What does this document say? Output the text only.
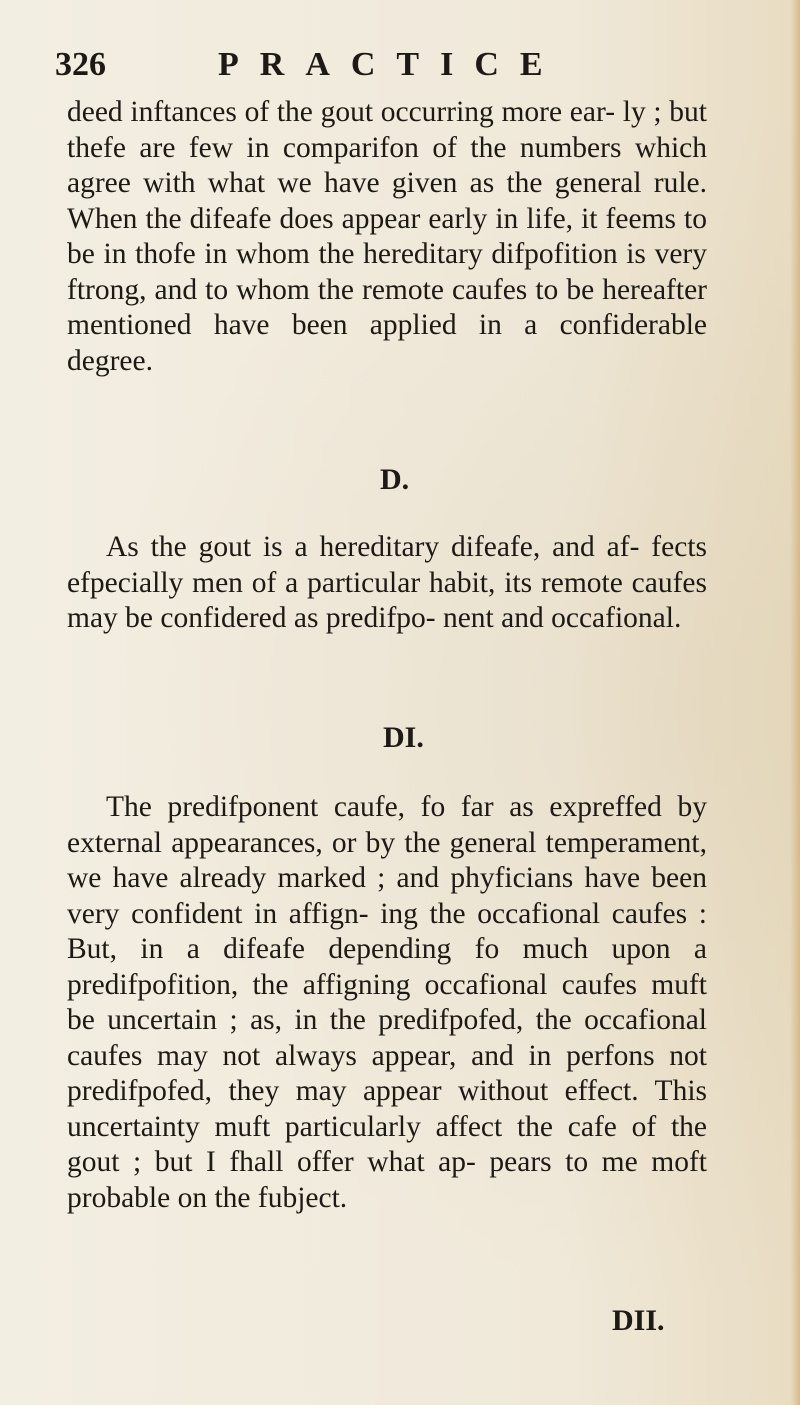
326	PRACTICE

deed inftances of the gout occurring more ear- ly ; but thefe are few in comparifon of the numbers which agree with what we have given as the general rule. When the difeafe does appear early in life, it feems to be in thofe in whom the hereditary difpofition is very ftrong, and to whom the remote caufes to be hereafter mentioned have been applied in a confiderable degree.

D.

As the gout is a hereditary difeafe, and af- fects efpecially men of a particular habit, its remote caufes may be confidered as predifpo- nent and occafional.

DI.

The predifponent caufe, fo far as expreffed by external appearances, or by the general temperament, we have already marked ; and phyficians have been very confident in affign- ing the occafional caufes : But, in a difeafe depending fo much upon a predifpofition, the affigning occafional caufes muft be uncertain ; as, in the predifpofed, the occafional caufes may not always appear, and in perfons not predifpofed, they may appear without effect. This uncertainty muft particularly affect the cafe of the gout ; but I fhall offer what ap- pears to me moft probable on the fubject.

DII.
